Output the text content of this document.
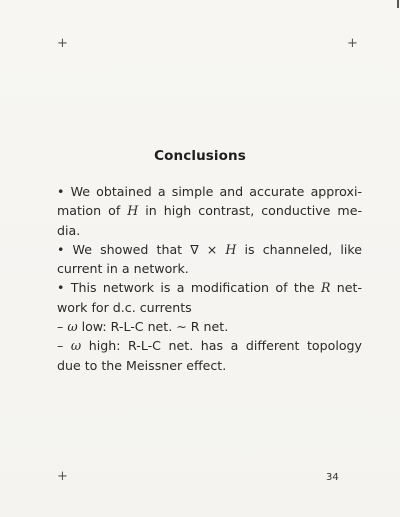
+	+
+
Conclusions
• We obtained a simple and accurate approxi-
mation of H in high contrast, conductive me-
dia.
• We showed that ∇ × H is channeled, like
current in a network.
• This network is a modification of the R net-
work for d.c. currents
– ω low: R-L-C net. ∼ R net.
– ω high: R-L-C net. has a different topology
due to the Meissner effect.
34
